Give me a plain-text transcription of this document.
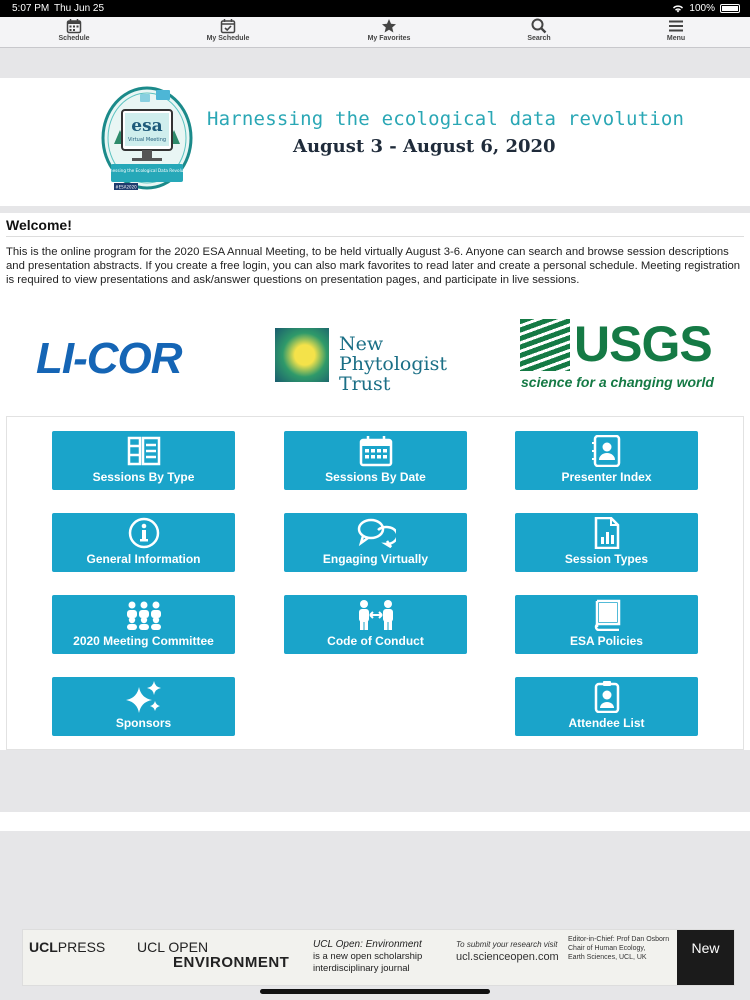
5:07 PM Thu Jun 25	100%
Schedule	My Schedule	My Favorites	Search	Menu
esa
Virtual Meeting
Harnessing the Ecological Data Revolution
#ESA2020
Harnessing the ecological data revolution
August 3 - August 6, 2020
Welcome!
This is the online program for the 2020 ESA Annual Meeting, to be held virtually August 3-6. Anyone can search and browse session descriptions and presentation abstracts. If you create a free login, you can also mark favorites to read later and create a personal schedule. Meeting registration is required to view presentations and ask/answer questions on presentation pages, and participate in live sessions.
LI-COR	New Phytologist
Trust
USGS
science for a changing world
Sessions By Type	Sessions By Date	Presenter Index
General Information	Engaging Virtually	Session Types
2020 Meeting Committee	Code of Conduct	ESA Policies
Sponsors	Attendee List
UCLPRESS UCL OPEN
ENVIRONMENT
UCL Open: Environment
is a new open scholarship
interdisciplinary journal
To submit your research visit
ucl.scienceopen.com
Editor-in-Chief: Prof Dan Osborn
Chair of Human Ecology,
Earth Sciences, UCL, UK
New
